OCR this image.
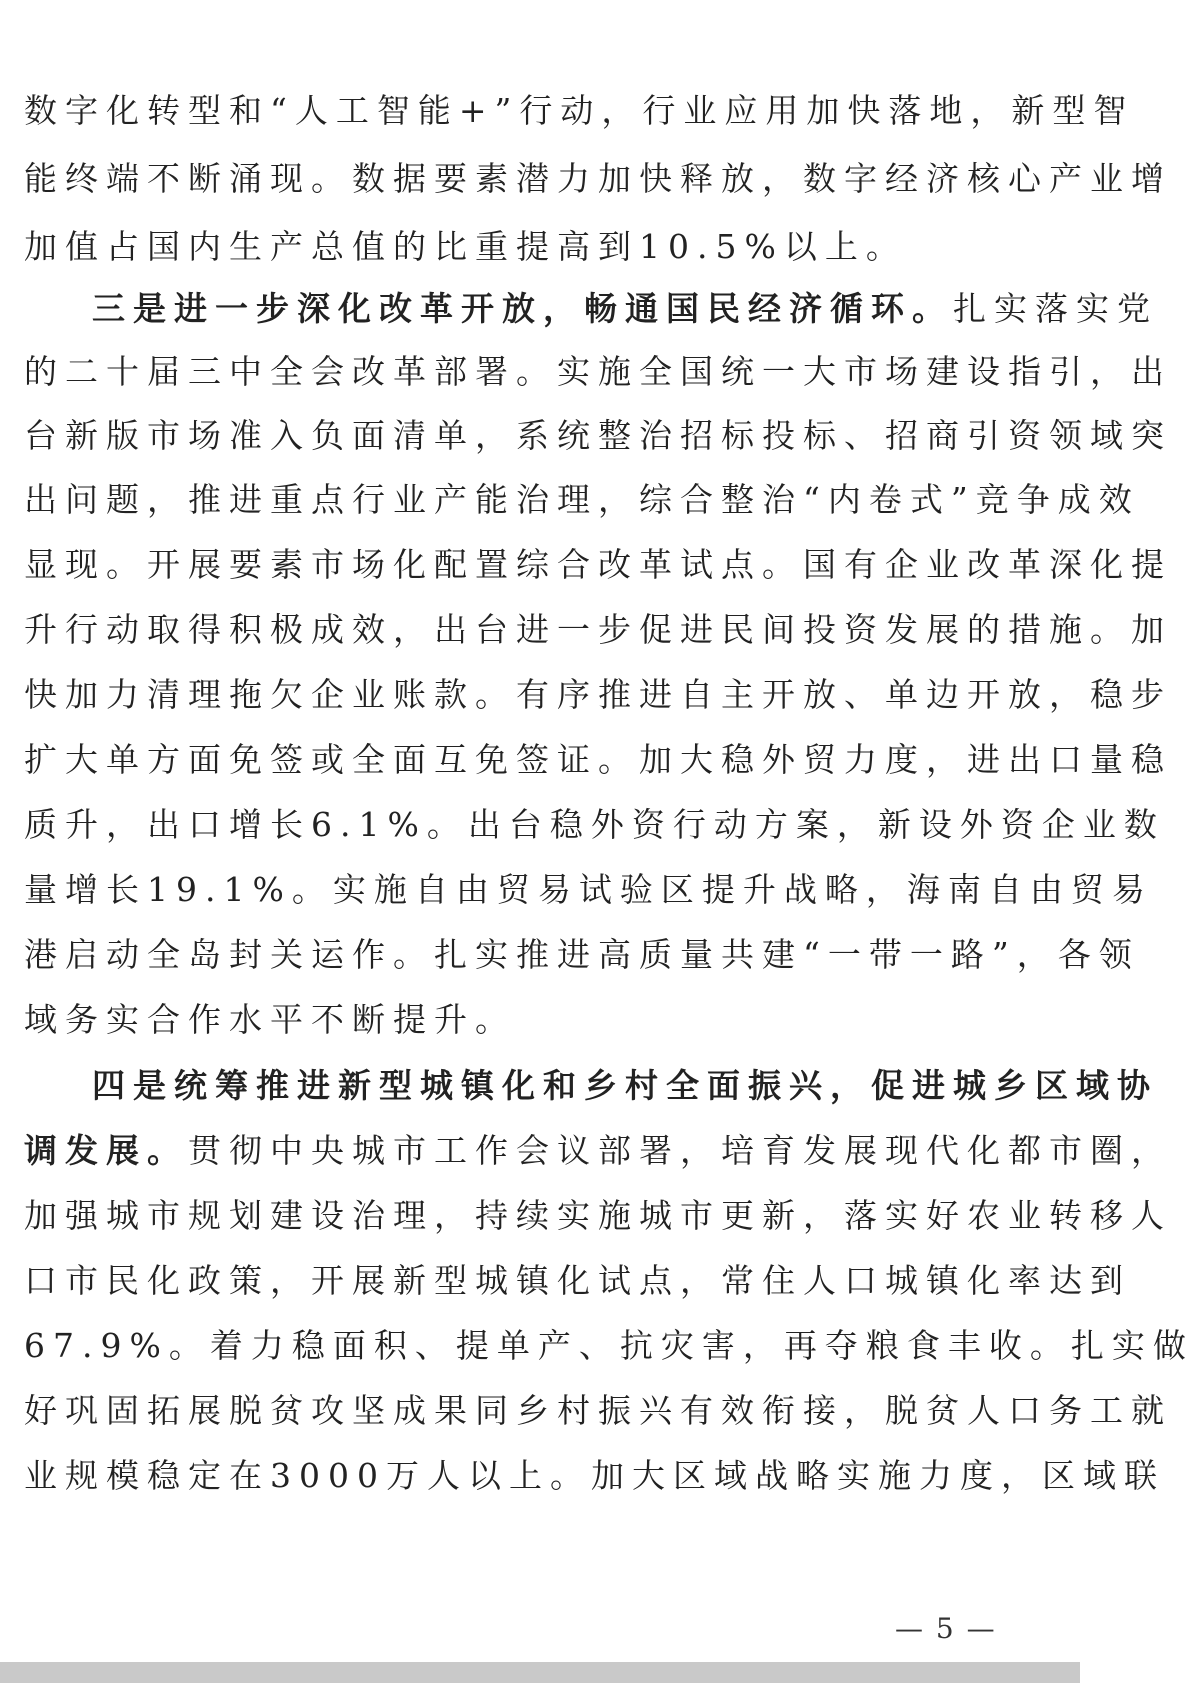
数字化转型和“人工智能+”行动，行业应用加快落地，新型智
能终端不断涌现。数据要素潜力加快释放，数字经济核心产业增
加值占国内生产总值的比重提高到10.5%以上。
三是进一步深化改革开放，畅通国民经济循环。扎实落实党
的二十届三中全会改革部署。实施全国统一大市场建设指引，出
台新版市场准入负面清单，系统整治招标投标、招商引资领域突
出问题，推进重点行业产能治理，综合整治“内卷式”竞争成效
显现。开展要素市场化配置综合改革试点。国有企业改革深化提
升行动取得积极成效，出台进一步促进民间投资发展的措施。加
快加力清理拖欠企业账款。有序推进自主开放、单边开放，稳步
扩大单方面免签或全面互免签证。加大稳外贸力度，进出口量稳
质升，出口增长6.1%。出台稳外资行动方案，新设外资企业数
量增长19.1%。实施自由贸易试验区提升战略，海南自由贸易
港启动全岛封关运作。扎实推进高质量共建“一带一路”，各领
域务实合作水平不断提升。
四是统筹推进新型城镇化和乡村全面振兴，促进城乡区域协
调发展。贯彻中央城市工作会议部署，培育发展现代化都市圈，
加强城市规划建设治理，持续实施城市更新，落实好农业转移人
口市民化政策，开展新型城镇化试点，常住人口城镇化率达到
67.9%。着力稳面积、提单产、抗灾害，再夺粮食丰收。扎实做
好巩固拓展脱贫攻坚成果同乡村振兴有效衔接，脱贫人口务工就
业规模稳定在3000万人以上。加大区域战略实施力度，区域联
— 5 —
